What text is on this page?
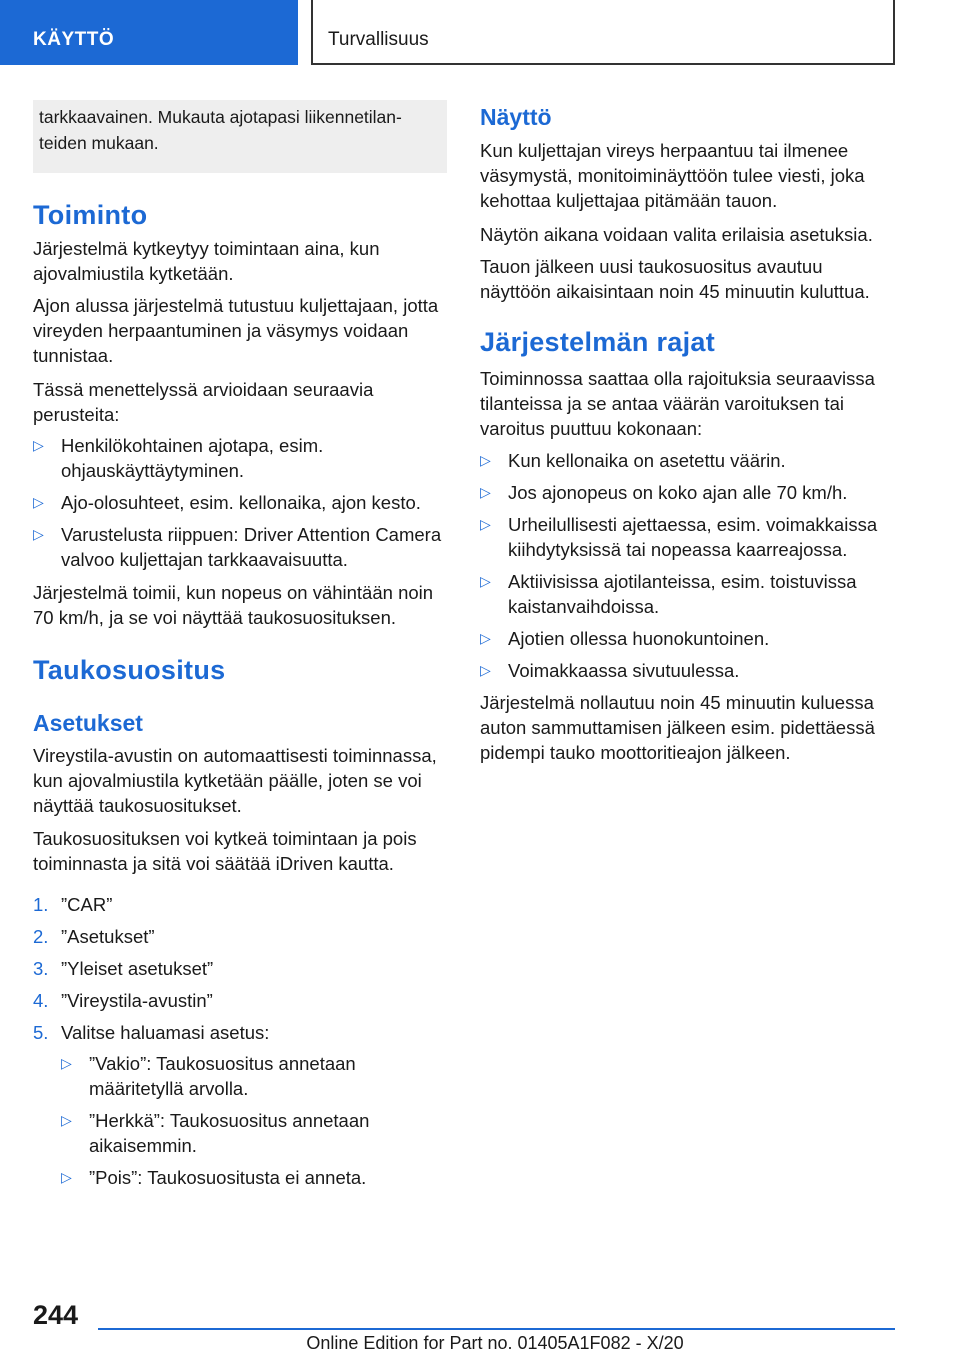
KÄYTTÖ	Turvallisuus
tarkkaavainen. Mukauta ajotapasi liikennetilan-teiden mukaan.
Toiminto
Järjestelmä kytkeytyy toimintaan aina, kun ajovalmiustila kytketään.
Ajon alussa järjestelmä tutustuu kuljettajaan, jotta vireyden herpaantuminen ja väsymys voidaan tunnistaa.
Tässä menettelyssä arvioidaan seuraavia perusteita:
▷ Henkilökohtainen ajotapa, esim. ohjauskäyttäytyminen.
▷ Ajo-olosuhteet, esim. kellonaika, ajon kesto.
▷ Varustelusta riippuen: Driver Attention Camera valvoo kuljettajan tarkkaavaisuutta.
Järjestelmä toimii, kun nopeus on vähintään noin 70 km/h, ja se voi näyttää taukosuosituksen.
Taukosuositus
Asetukset
Vireystila-avustin on automaattisesti toiminnassa, kun ajovalmiustila kytketään päälle, joten se voi näyttää taukosuositukset.
Taukosuosituksen voi kytkeä toimintaan ja pois toiminnasta ja sitä voi säätää iDriven kautta.
1. ”CAR”
2. ”Asetukset”
3. ”Yleiset asetukset”
4. ”Vireystila-avustin”
5. Valitse haluamasi asetus:
▷ ”Vakio”: Taukosuositus annetaan määritetyllä arvolla.
▷ ”Herkkä”: Taukosuositus annetaan aikaisemmin.
▷ ”Pois”: Taukosuositusta ei anneta.
Näyttö
Kun kuljettajan vireys herpaantuu tai ilmenee väsymystä, monitoiminäyttöön tulee viesti, joka kehottaa kuljettajaa pitämään tauon.
Näytön aikana voidaan valita erilaisia asetuksia.
Tauon jälkeen uusi taukosuositus avautuu näyttöön aikaisintaan noin 45 minuutin kuluttua.
Järjestelmän rajat
Toiminnossa saattaa olla rajoituksia seuraavissa tilanteissa ja se antaa väärän varoituksen tai varoitus puuttuu kokonaan:
▷ Kun kellonaika on asetettu väärin.
▷ Jos ajonopeus on koko ajan alle 70 km/h.
▷ Urheilullisesti ajettaessa, esim. voimakkaissa kiihdytyksissä tai nopeassa kaarreajossa.
▷ Aktiivisissa ajotilanteissa, esim. toistuvissa kaistanvaihdoissa.
▷ Ajotien ollessa huonokuntoinen.
▷ Voimakkaassa sivutuulessa.
Järjestelmä nollautuu noin 45 minuutin kuluessa auton sammuttamisen jälkeen esim. pidettäessä pidempi tauko moottoritieajon jälkeen.
244
Online Edition for Part no. 01405A1F082 - X/20
